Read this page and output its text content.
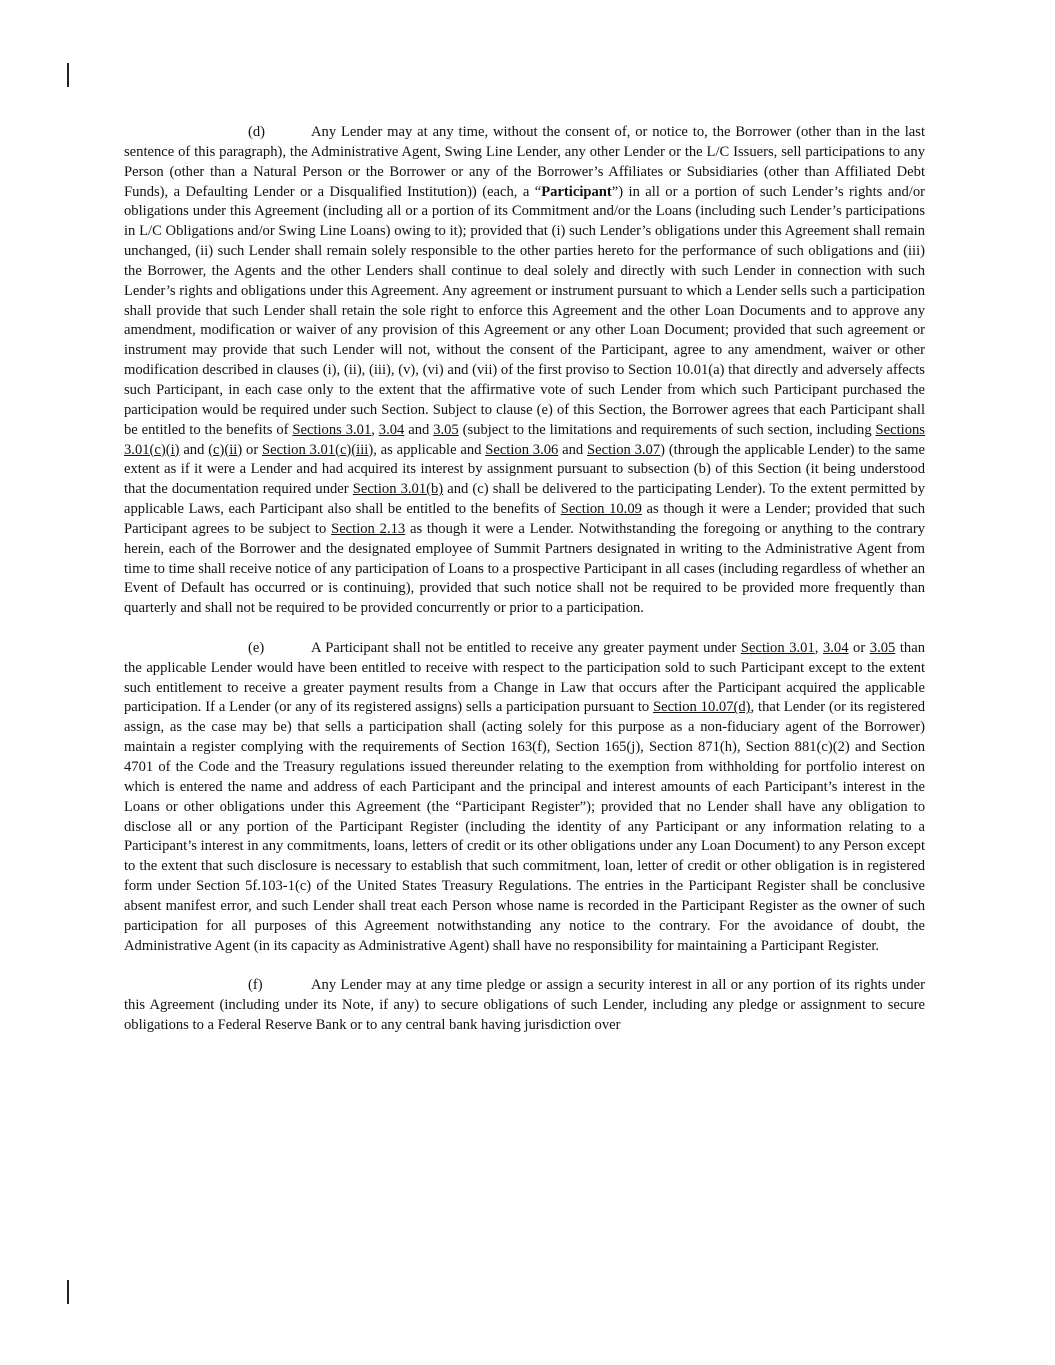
(d)	Any Lender may at any time, without the consent of, or notice to, the Borrower (other than in the last sentence of this paragraph), the Administrative Agent, Swing Line Lender, any other Lender or the L/C Issuers, sell participations to any Person (other than a Natural Person or the Borrower or any of the Borrower’s Affiliates or Subsidiaries (other than Affiliated Debt Funds), a Defaulting Lender or a Disqualified Institution)) (each, a “Participant”) in all or a portion of such Lender’s rights and/or obligations under this Agreement (including all or a portion of its Commitment and/or the Loans (including such Lender’s participations in L/C Obligations and/or Swing Line Loans) owing to it); provided that (i) such Lender’s obligations under this Agreement shall remain unchanged, (ii) such Lender shall remain solely responsible to the other parties hereto for the performance of such obligations and (iii) the Borrower, the Agents and the other Lenders shall continue to deal solely and directly with such Lender in connection with such Lender’s rights and obligations under this Agreement. Any agreement or instrument pursuant to which a Lender sells such a participation shall provide that such Lender shall retain the sole right to enforce this Agreement and the other Loan Documents and to approve any amendment, modification or waiver of any provision of this Agreement or any other Loan Document; provided that such agreement or instrument may provide that such Lender will not, without the consent of the Participant, agree to any amendment, waiver or other modification described in clauses (i), (ii), (iii), (v), (vi) and (vii) of the first proviso to Section 10.01(a) that directly and adversely affects such Participant, in each case only to the extent that the affirmative vote of such Lender from which such Participant purchased the participation would be required under such Section. Subject to clause (e) of this Section, the Borrower agrees that each Participant shall be entitled to the benefits of Sections 3.01, 3.04 and 3.05 (subject to the limitations and requirements of such section, including Sections 3.01(c)(i) and (c)(ii) or Section 3.01(c)(iii), as applicable and Section 3.06 and Section 3.07) (through the applicable Lender) to the same extent as if it were a Lender and had acquired its interest by assignment pursuant to subsection (b) of this Section (it being understood that the documentation required under Section 3.01(b) and (c) shall be delivered to the participating Lender). To the extent permitted by applicable Laws, each Participant also shall be entitled to the benefits of Section 10.09 as though it were a Lender; provided that such Participant agrees to be subject to Section 2.13 as though it were a Lender. Notwithstanding the foregoing or anything to the contrary herein, each of the Borrower and the designated employee of Summit Partners designated in writing to the Administrative Agent from time to time shall receive notice of any participation of Loans to a prospective Participant in all cases (including regardless of whether an Event of Default has occurred or is continuing), provided that such notice shall not be required to be provided more frequently than quarterly and shall not be required to be provided concurrently or prior to a participation.

(e)	A Participant shall not be entitled to receive any greater payment under Section 3.01, 3.04 or 3.05 than the applicable Lender would have been entitled to receive with respect to the participation sold to such Participant except to the extent such entitlement to receive a greater payment results from a Change in Law that occurs after the Participant acquired the applicable participation. If a Lender (or any of its registered assigns) sells a participation pursuant to Section 10.07(d), that Lender (or its registered assign, as the case may be) that sells a participation shall (acting solely for this purpose as a non-fiduciary agent of the Borrower) maintain a register complying with the requirements of Section 163(f), Section 165(j), Section 871(h), Section 881(c)(2) and Section 4701 of the Code and the Treasury regulations issued thereunder relating to the exemption from withholding for portfolio interest on which is entered the name and address of each Participant and the principal and interest amounts of each Participant’s interest in the Loans or other obligations under this Agreement (the “Participant Register”); provided that no Lender shall have any obligation to disclose all or any portion of the Participant Register (including the identity of any Participant or any information relating to a Participant’s interest in any commitments, loans, letters of credit or its other obligations under any Loan Document) to any Person except to the extent that such disclosure is necessary to establish that such commitment, loan, letter of credit or other obligation is in registered form under Section 5f.103-1(c) of the United States Treasury Regulations. The entries in the Participant Register shall be conclusive absent manifest error, and such Lender shall treat each Person whose name is recorded in the Participant Register as the owner of such participation for all purposes of this Agreement notwithstanding any notice to the contrary. For the avoidance of doubt, the Administrative Agent (in its capacity as Administrative Agent) shall have no responsibility for maintaining a Participant Register.

(f)	Any Lender may at any time pledge or assign a security interest in all or any portion of its rights under this Agreement (including under its Note, if any) to secure obligations of such Lender, including any pledge or assignment to secure obligations to a Federal Reserve Bank or to any central bank having jurisdiction over
